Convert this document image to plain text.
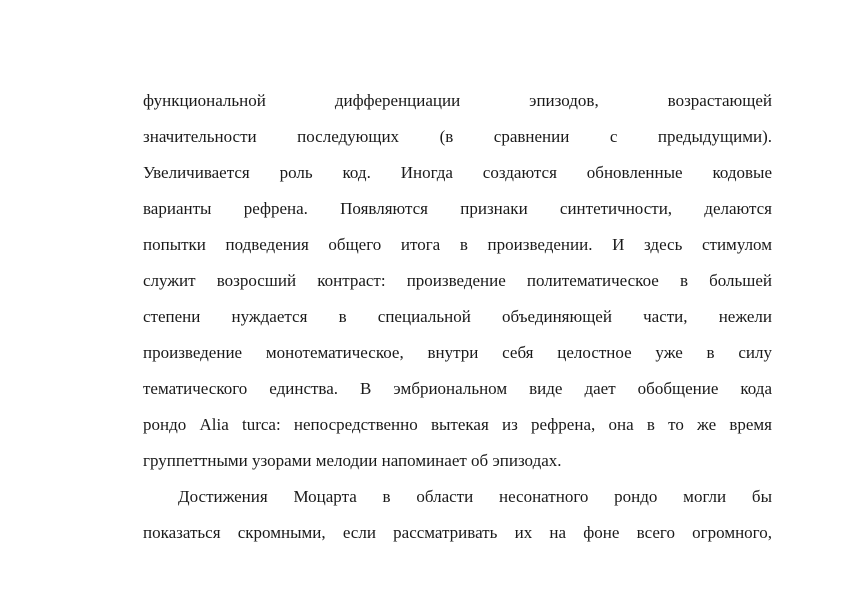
функциональной дифференциации эпизодов, возрастающей
значительности последующих (в сравнении с предыдущими).
Увеличивается роль код. Иногда создаются обновленные кодовые
варианты рефрена. Появляются признаки синтетичности, делаются
попытки подведения общего итога в произведении. И здесь стимулом
служит возросший контраст: произведение политематическое в большей
степени нуждается в специальной объединяющей части, нежели
произведение монотематическое, внутри себя целостное уже в силу
тематического единства. В эмбриональном виде дает обобщение кода
рондо Alia turca: непосредственно вытекая из рефрена, она в то же время
группеттными узорами мелодии напоминает об эпизодах.
Достижения Моцарта в области несонатного рондо могли бы
показаться скромными, если рассматривать их на фоне всего огромного,
